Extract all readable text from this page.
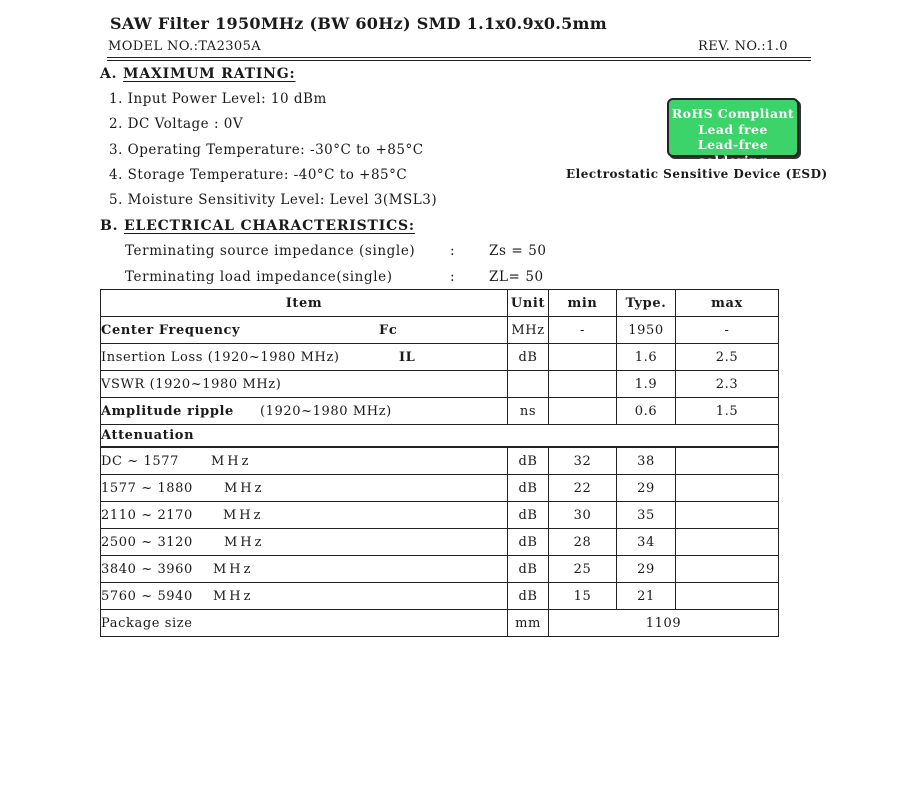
SAW Filter 1950MHz (BW 60Hz) SMD 1.1x0.9x0.5mm
MODEL NO.:TA2305A	REV. NO.:1.0
A. MAXIMUM RATING:
1. Input Power Level: 10 dBm
2. DC Voltage : 0V
3. Operating Temperature: -30°C to +85°C
4. Storage Temperature: -40°C to +85°C
5. Moisture Sensitivity Level: Level 3(MSL3)
RoHS Compliant
Lead free
Lead-free soldering
Electrostatic Sensitive Device (ESD)
B. ELECTRICAL CHARACTERISTICS:
Terminating source impedance (single)	:	Zs = 50
Terminating load impedance(single)	:	ZL= 50
Item	Unit	min	Type.	max
Center Frequency Fc	MHz	-	1950	-
Insertion Loss (1920~1980 MHz) IL	dB		1.6	2.5
VSWR (1920~1980 MHz)			1.9	2.3
Amplitude ripple (1920~1980 MHz)	ns		0.6	1.5
Attenuation				
DC ~ 1577 MHz	dB	32	38	
1577 ~ 1880 MHz	dB	22	29	
2110 ~ 2170 MHz	dB	30	35	
2500 ~ 3120 MHz	dB	28	34	
3840 ~ 3960 MHz	dB	25	29	
5760 ~ 5940 MHz	dB	15	21	
Package size	mm	1109		
